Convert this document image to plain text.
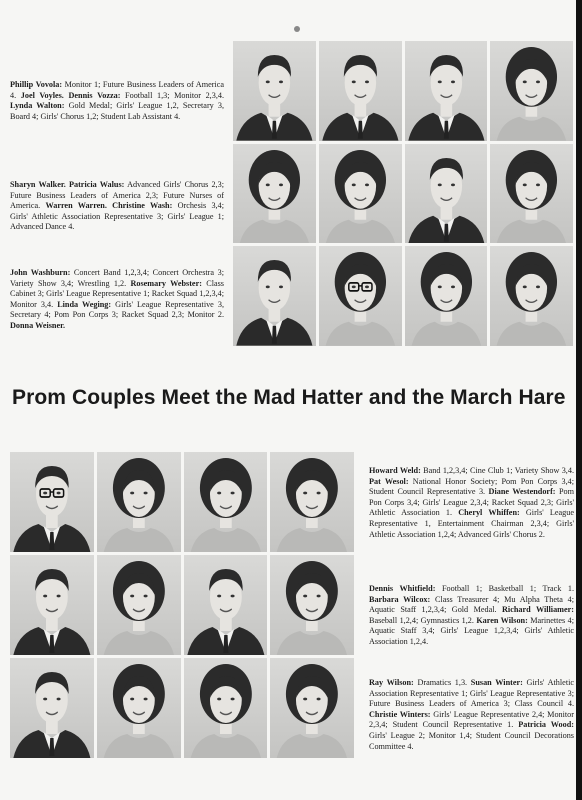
Phillip Vovola: Monitor 1; Future Business Leaders of America 4. Joel Voyles. Dennis Vozza: Football 1,3; Monitor 2,3,4. Lynda Walton: Gold Medal; Girls' League 1,2, Secretary 3, Board 4; Girls' Chorus 1,2; Student Lab Assistant 4.
Sharyn Walker. Patricia Walus: Advanced Girls' Chorus 2,3; Future Business Leaders of America 2,3; Future Nurses of America. Warren Warren. Christine Wash: Orchesis 3,4; Girls' Athletic Association Representative 3; Girls' League 1; Advanced Dance 4.
John Washburn: Concert Band 1,2,3,4; Concert Orchestra 3; Variety Show 3,4; Wrestling 1,2. Rosemary Webster: Class Cabinet 3; Girls' League Representative 1; Racket Squad 1,2,3,4; Monitor 3,4. Linda Weging: Girls' League Representative 3, Secretary 4; Pom Pon Corps 3; Racket Squad 2,3; Monitor 2. Donna Weisner.
Prom Couples Meet the Mad Hatter and the March Hare
Howard Weld: Band 1,2,3,4; Cine Club 1; Variety Show 3,4. Pat Wesol: National Honor Society; Pom Pon Corps 3,4; Student Council Representative 3. Diane Westendorf: Pom Pon Corps 3,4; Girls' League 2,3,4; Racket Squad 2,3; Girls' Athletic Association 1. Cheryl Whiffen: Girls' League Representative 1, Entertainment Chairman 2,3,4; Girls' Athletic Association 1,2,4; Advanced Girls' Chorus 2.
Dennis Whitfield: Football 1; Basketball 1; Track 1. Barbara Wilcox: Class Treasurer 4; Mu Alpha Theta 4; Aquatic Staff 1,2,3,4; Gold Medal. Richard Williamer: Baseball 1,2,4; Gymnastics 1,2. Karen Wilson: Marinettes 4; Aquatic Staff 3,4; Girls' League 1,2,3,4; Girls' Athletic Association 1,2,4.
Ray Wilson: Dramatics 1,3. Susan Winter: Girls' Athletic Association Representative 1; Girls' League Representative 3; Future Business Leaders of America 3; Class Council 4. Christie Winters: Girls' League Representative 2,4; Monitor 2,3,4; Student Council Representative 1. Patricia Wood: Girls' League 2; Monitor 1,4; Student Council Decorations Committee 4.
